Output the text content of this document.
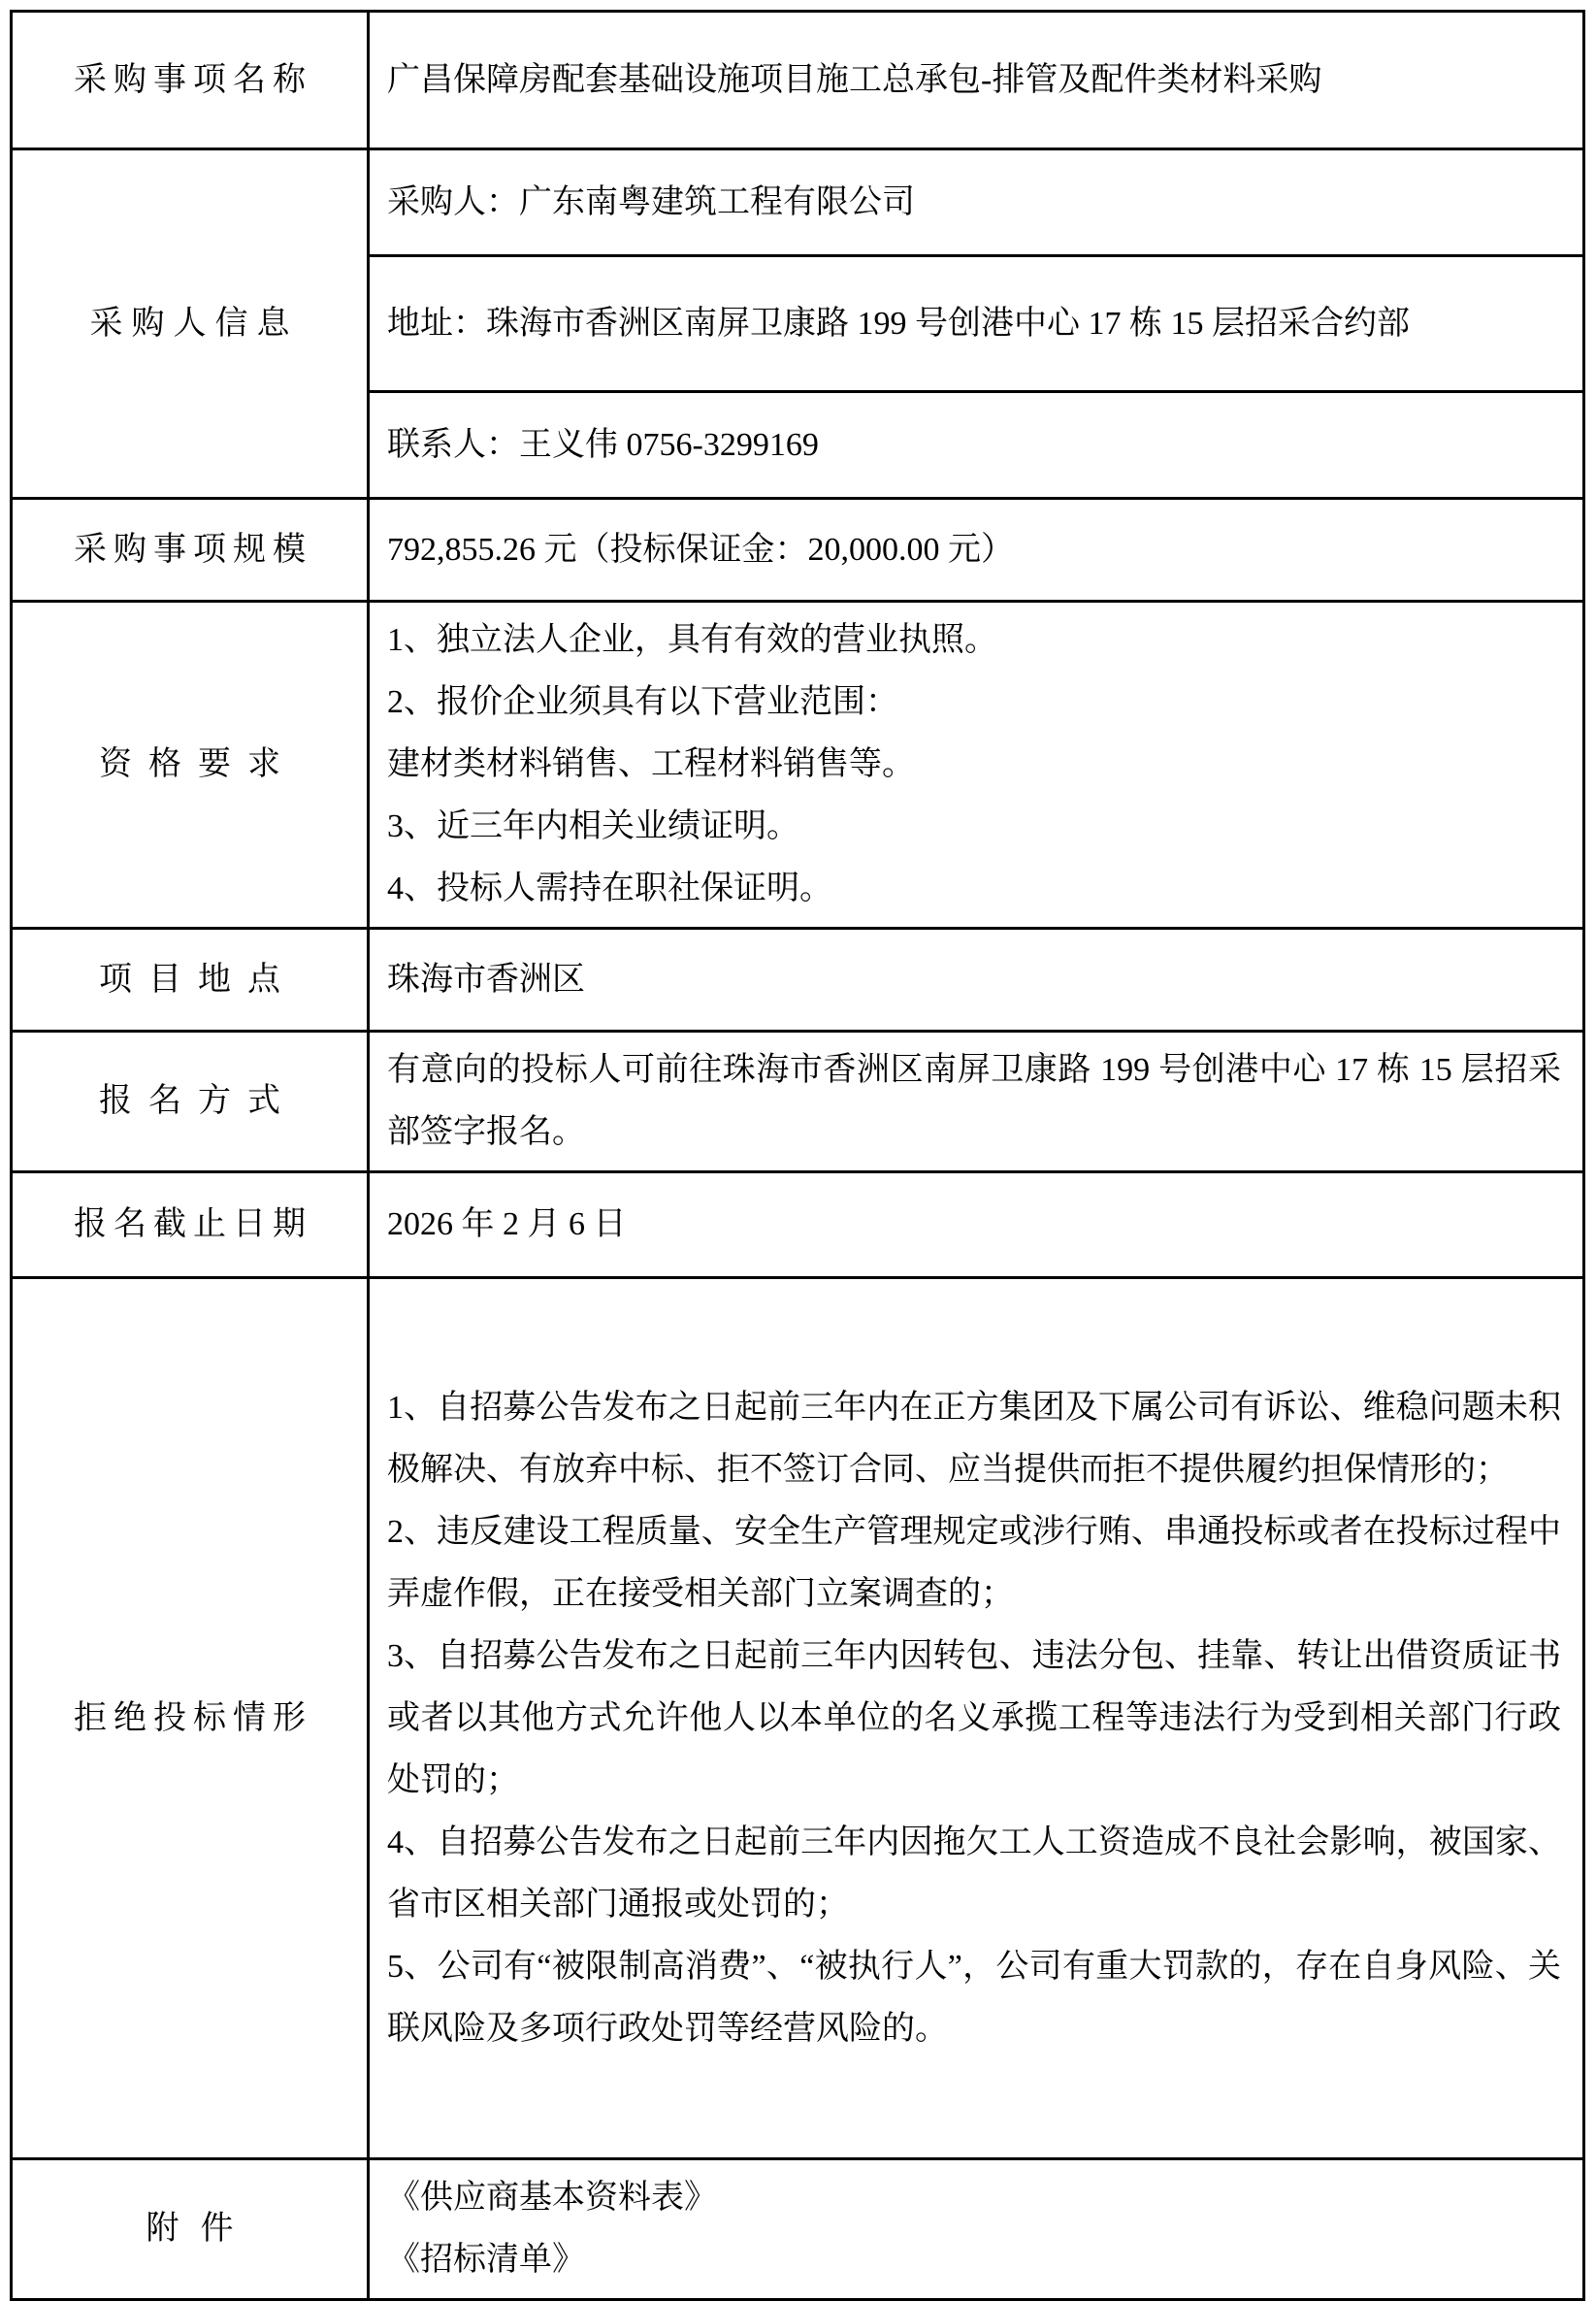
采购事项名称	广昌保障房配套基础设施项目施工总承包-排管及配件类材料采购

采购人信息	采购人：广东南粤建筑工程有限公司

	地址：珠海市香洲区南屏卫康路 199 号创港中心 17 栋 15 层招采合约部

	联系人：王义伟 0756-3299169

采购事项规模	792,855.26 元（投标保证金：20,000.00 元）

资格要求	1、独立法人企业，具有有效的营业执照。

2、报价企业须具有以下营业范围：

建材类材料销售、工程材料销售等。

3、近三年内相关业绩证明。

4、投标人需持在职社保证明。

项目地点	珠海市香洲区

报名方式	有意向的投标人可前往珠海市香洲区南屏卫康路 199 号创港中心 17 栋 15 层招采部签字报名。

报名截止日期	2026 年 2 月 6 日

拒绝投标情形	1、自招募公告发布之日起前三年内在正方集团及下属公司有诉讼、维稳问题未积极解决、有放弃中标、拒不签订合同、应当提供而拒不提供履约担保情形的；

2、违反建设工程质量、安全生产管理规定或涉行贿、串通投标或者在投标过程中弄虚作假，正在接受相关部门立案调查的；

3、自招募公告发布之日起前三年内因转包、违法分包、挂靠、转让出借资质证书或者以其他方式允许他人以本单位的名义承揽工程等违法行为受到相关部门行政处罚的；

4、自招募公告发布之日起前三年内因拖欠工人工资造成不良社会影响，被国家、省市区相关部门通报或处罚的；

5、公司有“被限制高消费”、“被执行人”，公司有重大罚款的，存在自身风险、关联风险及多项行政处罚等经营风险的。

附件	《供应商基本资料表》

《招标清单》
